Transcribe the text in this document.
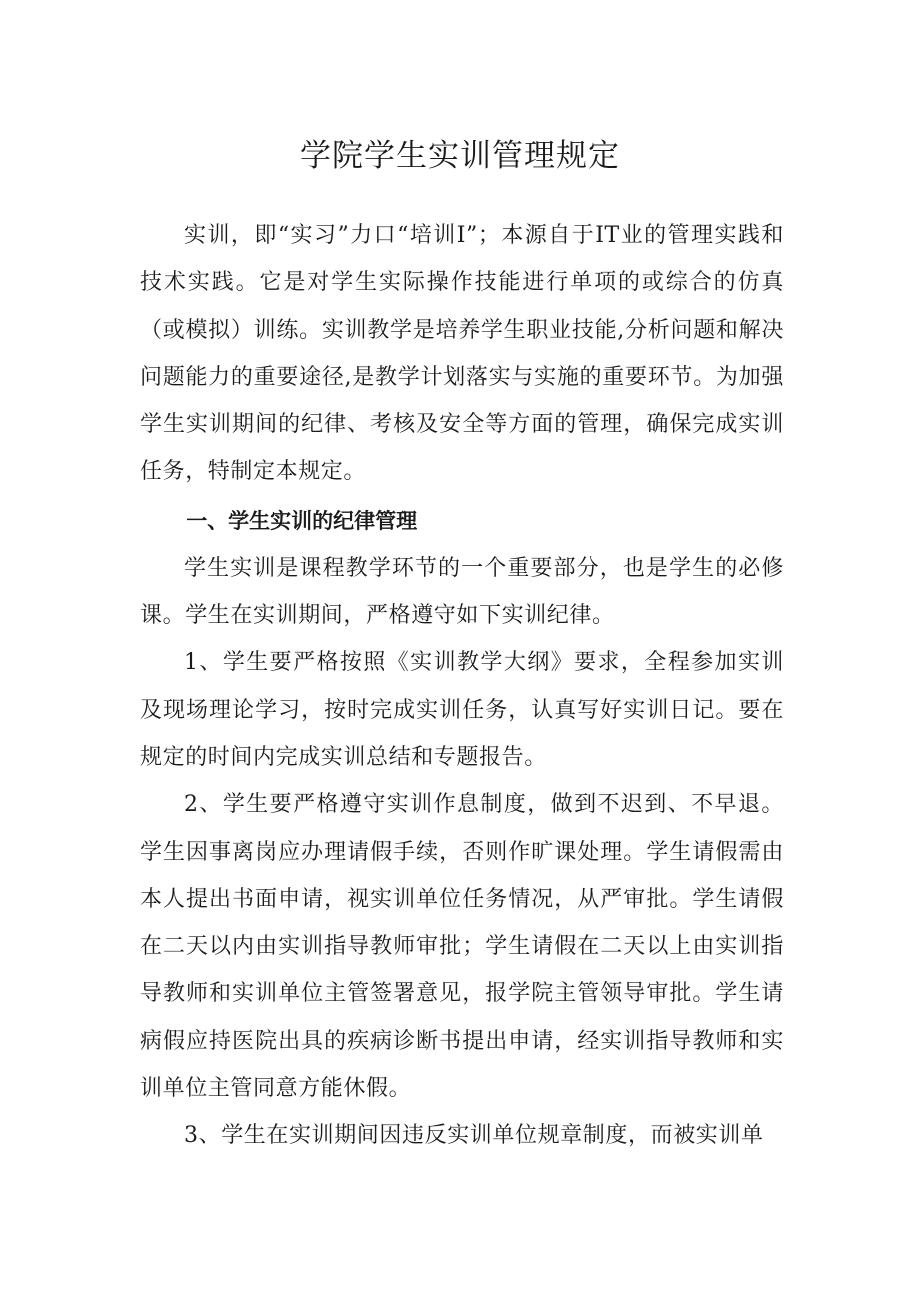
学院学生实训管理规定

实训，即“实习”力口“培训I”；本源自于IT业的管理实践和技术实践。它是对学生实际操作技能进行单项的或综合的仿真（或模拟）训练。实训教学是培养学生职业技能,分析问题和解决问题能力的重要途径,是教学计划落实与实施的重要环节。为加强学生实训期间的纪律、考核及安全等方面的管理，确保完成实训任务，特制定本规定。

一、学生实训的纪律管理

学生实训是课程教学环节的一个重要部分，也是学生的必修课。学生在实训期间，严格遵守如下实训纪律。

1、学生要严格按照《实训教学大纲》要求，全程参加实训及现场理论学习，按时完成实训任务，认真写好实训日记。要在规定的时间内完成实训总结和专题报告。

2、学生要严格遵守实训作息制度，做到不迟到、不早退。学生因事离岗应办理请假手续，否则作旷课处理。学生请假需由本人提出书面申请，视实训单位任务情况，从严审批。学生请假在二天以内由实训指导教师审批；学生请假在二天以上由实训指导教师和实训单位主管签署意见，报学院主管领导审批。学生请病假应持医院出具的疾病诊断书提出申请，经实训指导教师和实训单位主管同意方能休假。

3、学生在实训期间因违反实训单位规章制度，而被实训单
